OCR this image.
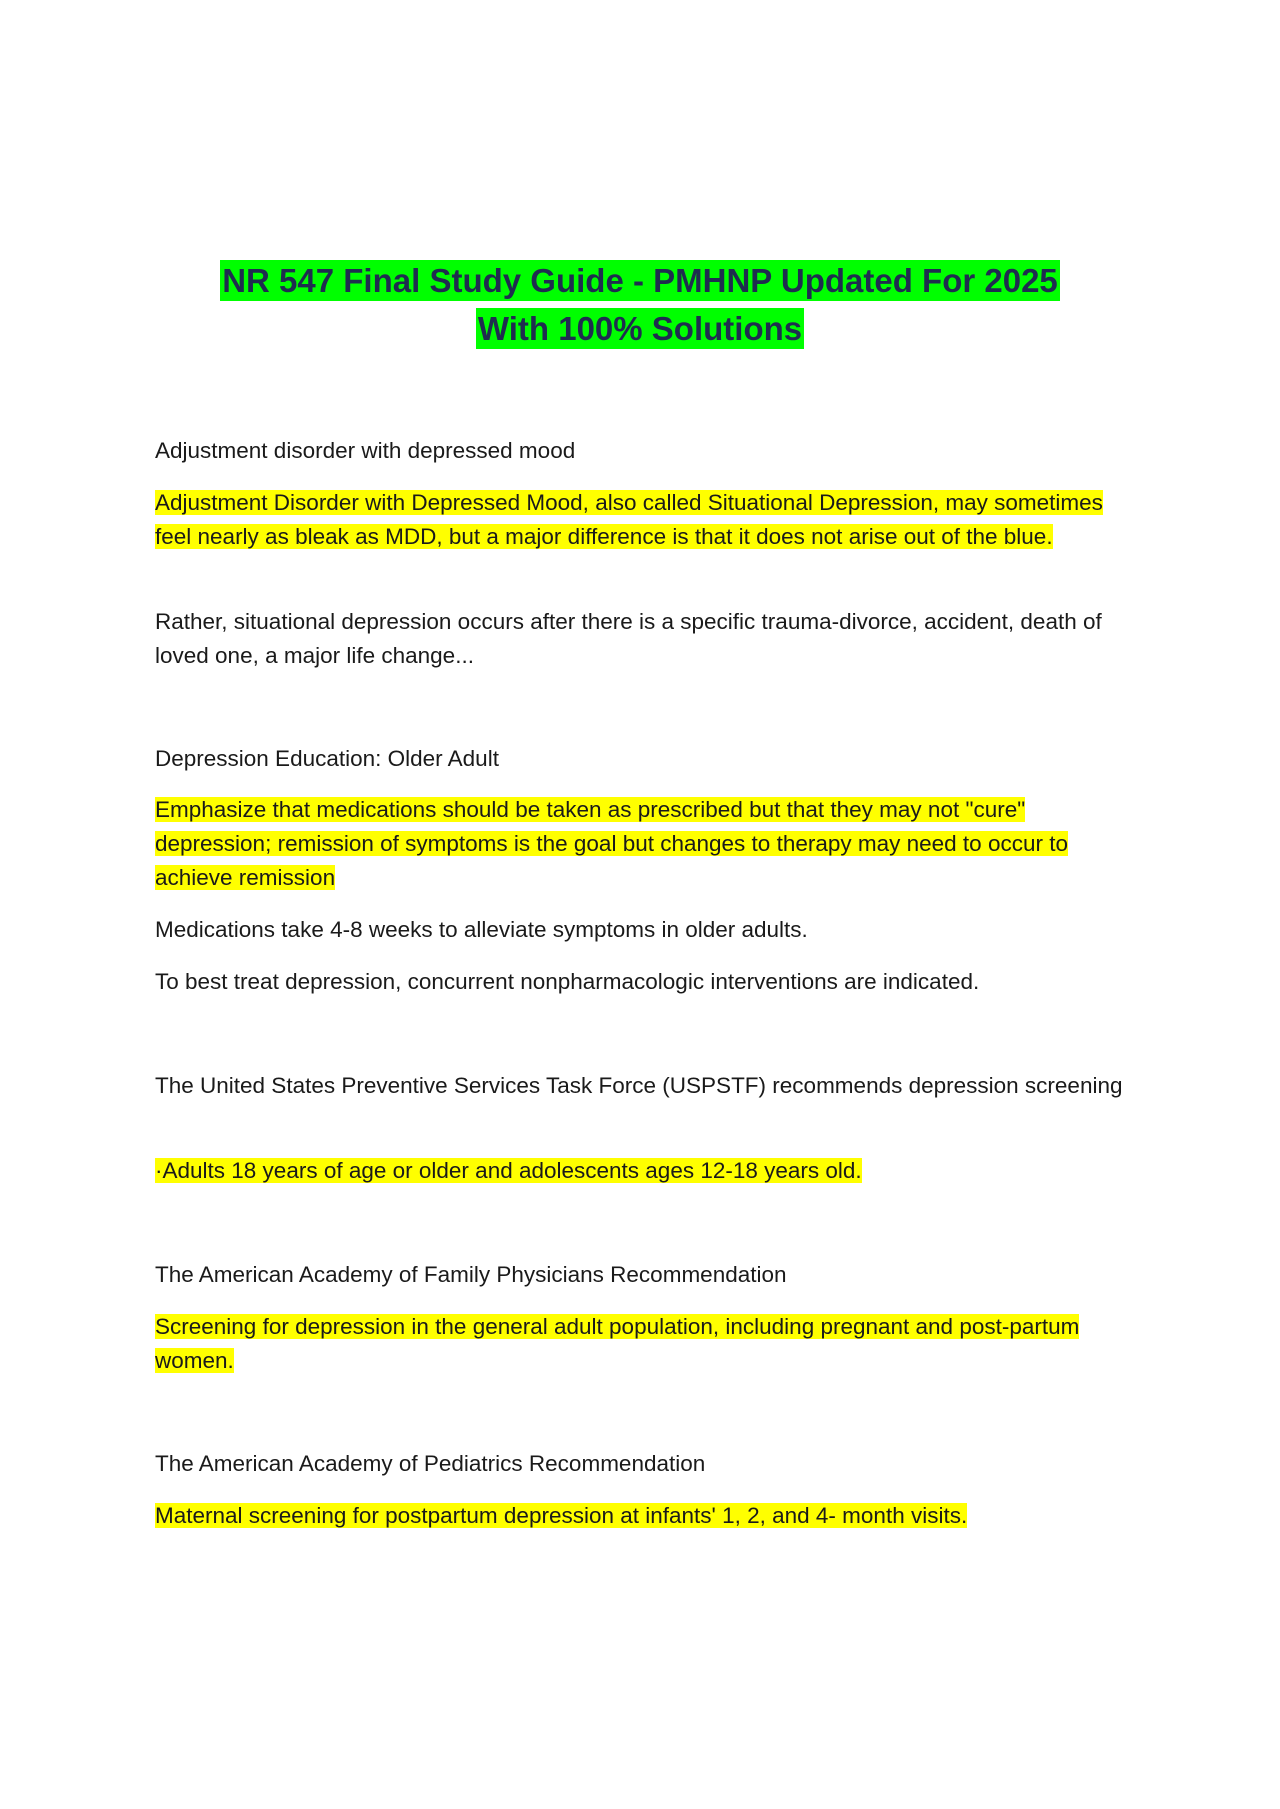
NR 547 Final Study Guide - PMHNP Updated For 2025
With 100% Solutions
Adjustment disorder with depressed mood
Adjustment Disorder with Depressed Mood, also called Situational Depression, may sometimes feel nearly as bleak as MDD, but a major difference is that it does not arise out of the blue.
Rather, situational depression occurs after there is a specific trauma-divorce, accident, death of loved one, a major life change...
Depression Education: Older Adult
Emphasize that medications should be taken as prescribed but that they may not "cure" depression; remission of symptoms is the goal but changes to therapy may need to occur to achieve remission
Medications take 4-8 weeks to alleviate symptoms in older adults.
To best treat depression, concurrent nonpharmacologic interventions are indicated.
The United States Preventive Services Task Force (USPSTF) recommends depression screening
·Adults 18 years of age or older and adolescents ages 12-18 years old.
The American Academy of Family Physicians Recommendation
Screening for depression in the general adult population, including pregnant and post-partum women.
The American Academy of Pediatrics Recommendation
Maternal screening for postpartum depression at infants' 1, 2, and 4- month visits.
